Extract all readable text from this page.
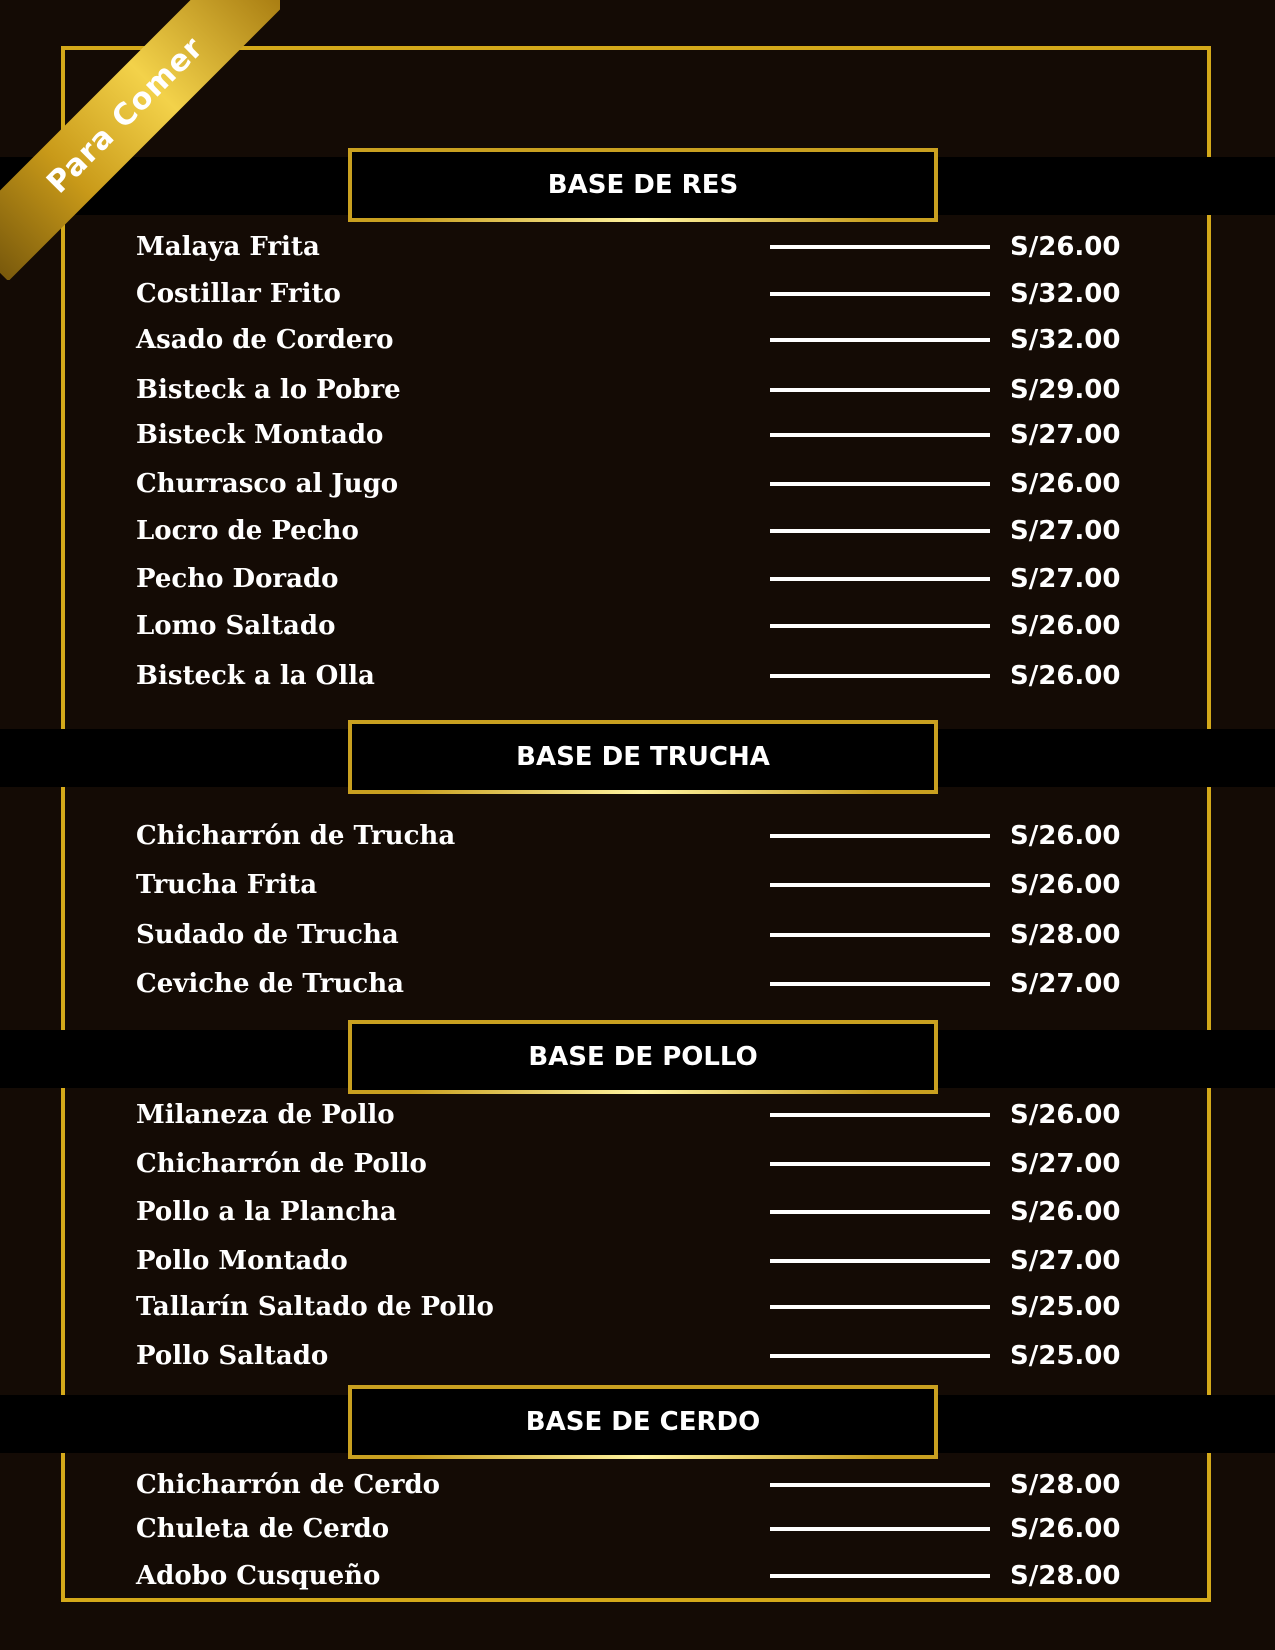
Para Comer	BASE DE RES
Malaya Frita	S/26.00
Costillar Frito	S/32.00
Asado de Cordero	S/32.00
Bisteck a lo Pobre	S/29.00
Bisteck Montado	S/27.00
Churrasco al Jugo	S/26.00
Locro de Pecho	S/27.00
Pecho Dorado	S/27.00
Lomo Saltado	S/26.00
Bisteck a la Olla	S/26.00
BASE DE TRUCHA
Chicharrón de Trucha	S/26.00
Trucha Frita	S/26.00
Sudado de Trucha	S/28.00
Ceviche de Trucha	S/27.00
BASE DE POLLO
Milaneza de Pollo	S/26.00
Chicharrón de Pollo	S/27.00
Pollo a la Plancha	S/26.00
Pollo Montado	S/27.00
Tallarín Saltado de Pollo	S/25.00
Pollo Saltado	S/25.00
BASE DE CERDO
Chicharrón de Cerdo	S/28.00
Chuleta de Cerdo	S/26.00
Adobo Cusqueño	S/28.00
